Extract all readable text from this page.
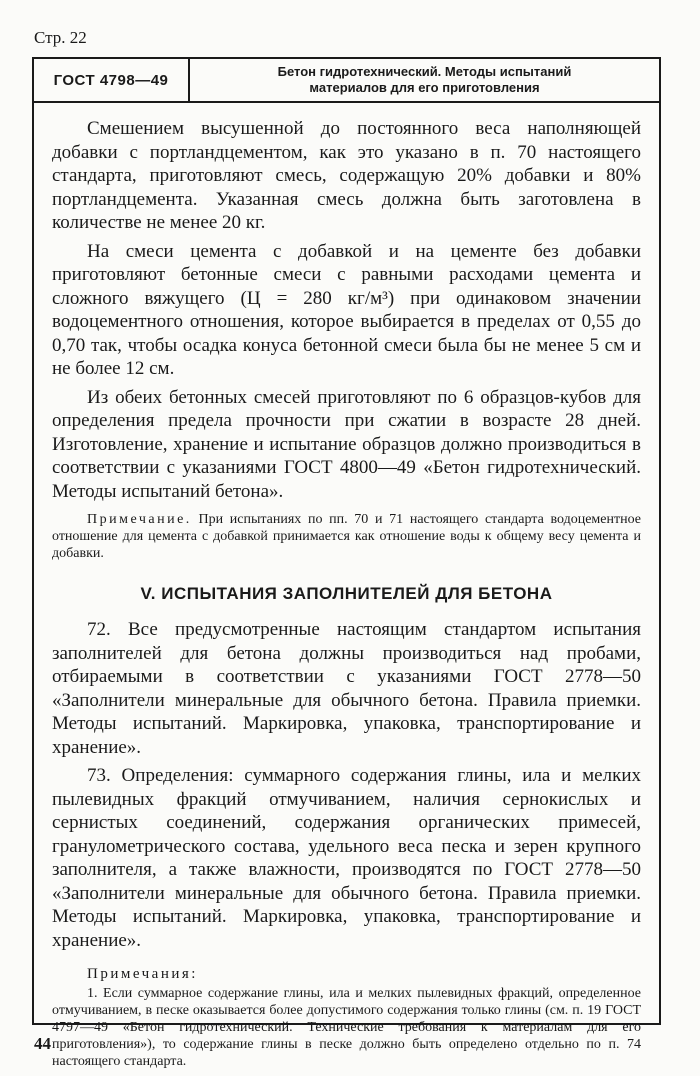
Стр. 22
ГОСТ 4798—49	Бетон гидротехнический. Методы испытаний
материалов для его приготовления

Смешением высушенной до постоянного веса наполняющей добавки с портландцементом, как это указано в п. 70 настоящего стандарта, приготовляют смесь, содержащую 20% добавки и 80% портландцемента. Указанная смесь должна быть заготовлена в количестве не менее 20 кг.

На смеси цемента с добавкой и на цементе без добавки приготовляют бетонные смеси с равными расходами цемента и сложного вяжущего (Ц = 280 кг/м³) при одинаковом значении водоцементного отношения, которое выбирается в пределах от 0,55 до 0,70 так, чтобы осадка конуса бетонной смеси была бы не менее 5 см и не более 12 см.

Из обеих бетонных смесей приготовляют по 6 образцов-кубов для определения предела прочности при сжатии в возрасте 28 дней. Изготовление, хранение и испытание образцов должно производиться в соответствии с указаниями ГОСТ 4800—49 «Бетон гидротехнический. Методы испытаний бетона».

Примечание. При испытаниях по пп. 70 и 71 настоящего стандарта водоцементное отношение для цемента с добавкой принимается как отношение воды к общему весу цемента и добавки.

V. ИСПЫТАНИЯ ЗАПОЛНИТЕЛЕЙ ДЛЯ БЕТОНА

72. Все предусмотренные настоящим стандартом испытания заполнителей для бетона должны производиться над пробами, отбираемыми в соответствии с указаниями ГОСТ 2778—50 «Заполнители минеральные для обычного бетона. Правила приемки. Методы испытаний. Маркировка, упаковка, транспортирование и хранение».

73. Определения: суммарного содержания глины, ила и мелких пылевидных фракций отмучиванием, наличия сернокислых и сернистых соединений, содержания органических примесей, гранулометрического состава, удельного веса песка и зерен крупного заполнителя, а также влажности, производятся по ГОСТ 2778—50 «Заполнители минеральные для обычного бетона. Правила приемки. Методы испытаний. Маркировка, упаковка, транспортирование и хранение».

Примечания:

1. Если суммарное содержание глины, ила и мелких пылевидных фракций, определенное отмучиванием, в песке оказывается более допустимого содержания только глины (см. п. 19 ГОСТ 4797—49 «Бетон гидротехнический. Технические требования к материалам для его приготовления»), то содержание глины в песке должно быть определено отдельно по п. 74 настоящего стандарта.

44
